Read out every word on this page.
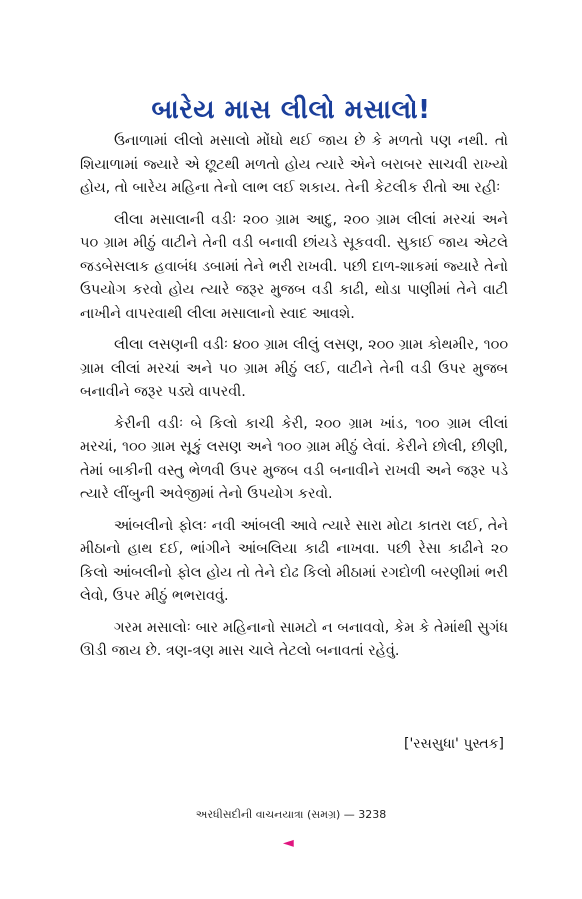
બારેય માસ લીલો મસાલો!

ઉનાળામાં લીલો મસાલો મોંઘો થઈ જાય છે કે મળતો પણ નથી. તો શિયાળામાં જ્યારે એ છૂટથી મળતો હોય ત્યારે એને બરાબર સાચવી રાખ્યો હોય, તો બારેય મહિના તેનો લાભ લઈ શકાય. તેની કેટલીક રીતો આ રહીઃ

લીલા મસાલાની વડીઃ ૨૦૦ ગ્રામ આદુ, ૨૦૦ ગ્રામ લીલાં મરચાં અને ૫૦ ગ્રામ મીઠું વાટીને તેની વડી બનાવી છાંયડે સૂકવવી. સુકાઈ જાય એટલે જડબેસલાક હવાબંધ ડબામાં તેને ભરી રાખવી. પછી દાળ-શાકમાં જ્યારે તેનો ઉપયોગ કરવો હોય ત્યારે જરૂર મુજબ વડી કાઢી, થોડા પાણીમાં તેને વાટી નાખીને વાપરવાથી લીલા મસાલાનો સ્વાદ આવશે.

લીલા લસણની વડીઃ ૪૦૦ ગ્રામ લીલું લસણ, ૨૦૦ ગ્રામ કોથમીર, ૧૦૦ ગ્રામ લીલાં મરચાં અને ૫૦ ગ્રામ મીઠું લઈ, વાટીને તેની વડી ઉપર મુજબ બનાવીને જરૂર પડ્યે વાપરવી.

કેરીની વડીઃ બે કિલો કાચી કેરી, ૨૦૦ ગ્રામ ખાંડ, ૧૦૦ ગ્રામ લીલાં મરચાં, ૧૦૦ ગ્રામ સૂકું લસણ અને ૧૦૦ ગ્રામ મીઠું લેવાં. કેરીને છોલી, છીણી, તેમાં બાકીની વસ્તુ ભેળવી ઉપર મુજબ વડી બનાવીને રાખવી અને જરૂર પડે ત્યારે લીંબુની અવેજીમાં તેનો ઉપયોગ કરવો.

આંબલીનો ફોલઃ નવી આંબલી આવે ત્યારે સારા મોટા કાતરા લઈ, તેને મીઠાનો હાથ દઈ, ભાંગીને આંબલિયા કાઢી નાખવા. પછી રેસા કાઢીને ૨૦ કિલો આંબલીનો ફોલ હોય તો તેને દોઢ કિલો મીઠામાં રગદોળી બરણીમાં ભરી લેવો, ઉપર મીઠું ભભરાવવું.

ગરમ મસાલોઃ બાર મહિનાનો સામટો ન બનાવવો, કેમ કે તેમાંથી સુગંધ ઊડી જાય છે. ત્રણ-ત્રણ માસ ચાલે તેટલો બનાવતાં રહેવું.

['રસસુધા' પુસ્તક]
અરધીસદીની વાચનયાત્રા (સમગ્ર) — 3238
◄
